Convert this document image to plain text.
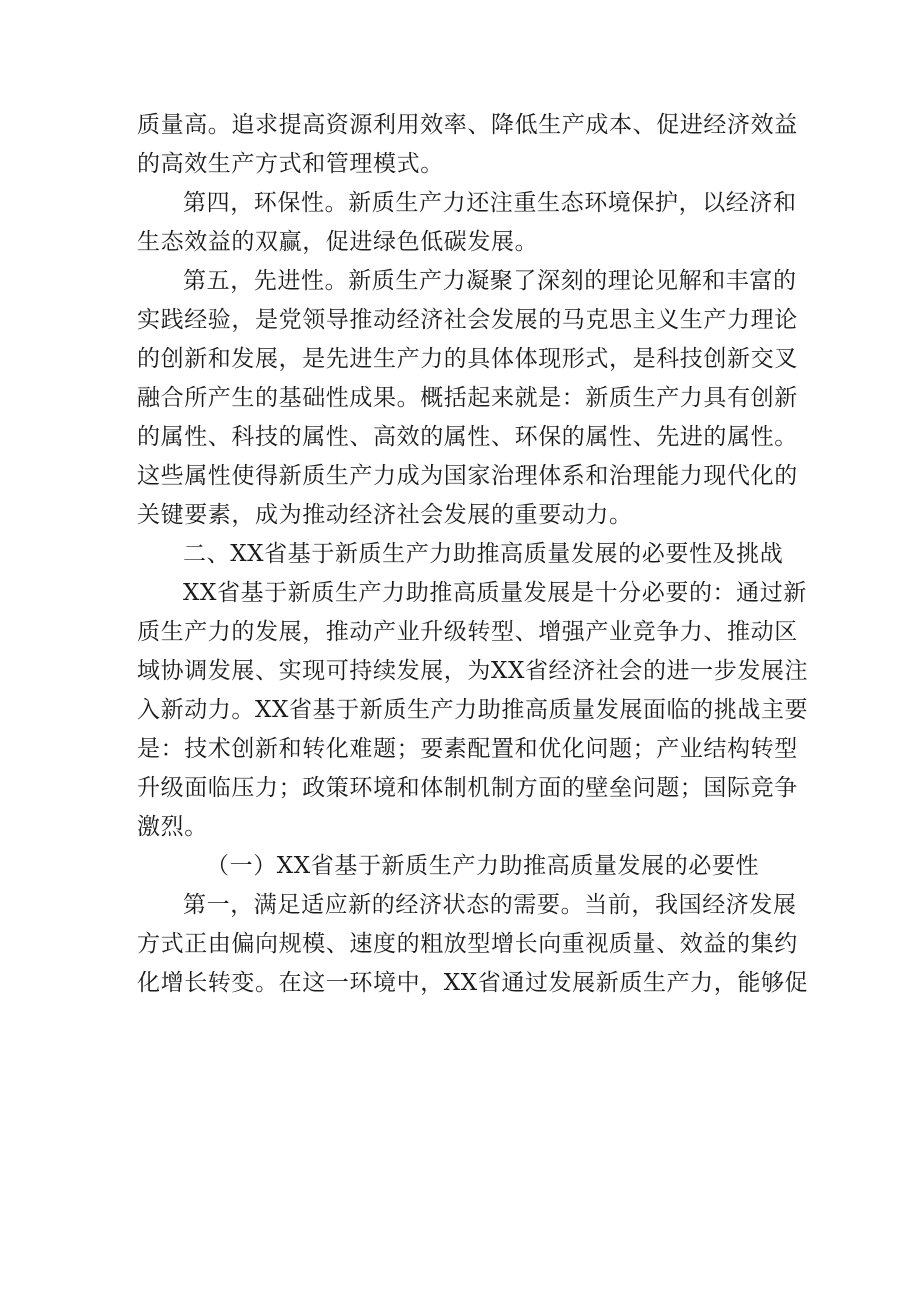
质量高。追求提高资源利用效率、降低生产成本、促进经济效益
的高效生产方式和管理模式。
第四，环保性。新质生产力还注重生态环境保护，以经济和
生态效益的双赢，促进绿色低碳发展。
第五，先进性。新质生产力凝聚了深刻的理论见解和丰富的
实践经验，是党领导推动经济社会发展的马克思主义生产力理论
的创新和发展，是先进生产力的具体体现形式，是科技创新交叉
融合所产生的基础性成果。概括起来就是：新质生产力具有创新
的属性、科技的属性、高效的属性、环保的属性、先进的属性。
这些属性使得新质生产力成为国家治理体系和治理能力现代化的
关键要素，成为推动经济社会发展的重要动力。
二、XX省基于新质生产力助推高质量发展的必要性及挑战
XX省基于新质生产力助推高质量发展是十分必要的：通过新
质生产力的发展，推动产业升级转型、增强产业竞争力、推动区
域协调发展、实现可持续发展，为XX省经济社会的进一步发展注
入新动力。XX省基于新质生产力助推高质量发展面临的挑战主要
是：技术创新和转化难题；要素配置和优化问题；产业结构转型
升级面临压力；政策环境和体制机制方面的壁垒问题；国际竞争
激烈。
（一）XX省基于新质生产力助推高质量发展的必要性
第一，满足适应新的经济状态的需要。当前，我国经济发展
方式正由偏向规模、速度的粗放型增长向重视质量、效益的集约
化增长转变。在这一环境中，XX省通过发展新质生产力，能够促
